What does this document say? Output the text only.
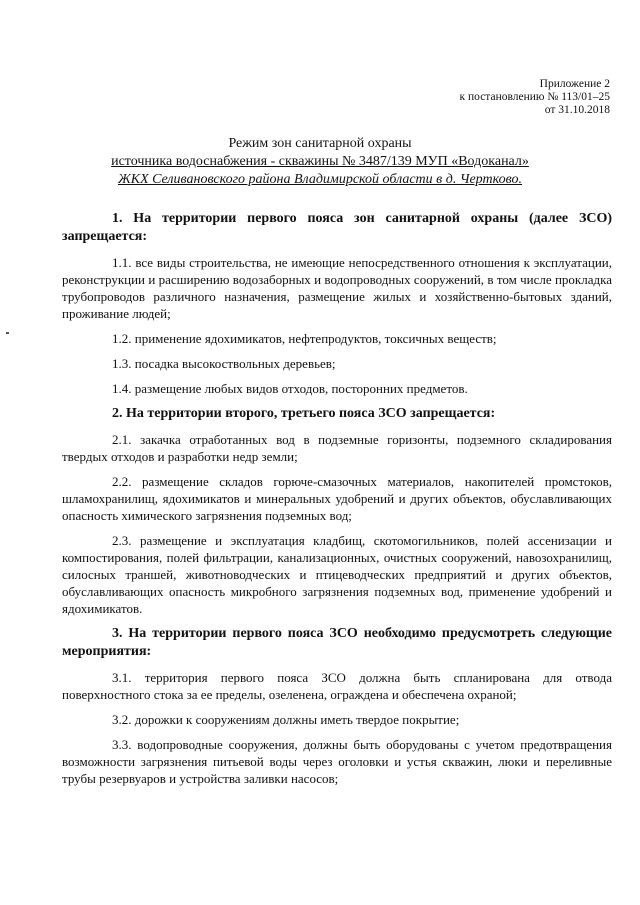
Приложение 2
к постановлению № 113/01–25
от 31.10.2018
Режим зон санитарной охраны
источника водоснабжения - скважины № 3487/139 МУП «Водоканал»
ЖКХ Селивановского района Владимирской области в д. Чертково.

1. На территории первого пояса зон санитарной охраны (далее ЗСО) запрещается:

1.1. все виды строительства, не имеющие непосредственного отношения к эксплуатации, реконструкции и расширению водозаборных и водопроводных сооружений, в том числе прокладка трубопроводов различного назначения, размещение жилых и хозяйственно-бытовых зданий, проживание людей;

1.2. применение ядохимикатов, нефтепродуктов, токсичных веществ;

1.3. посадка высокоствольных деревьев;

1.4. размещение любых видов отходов, посторонних предметов.

2. На территории второго, третьего пояса ЗСО запрещается:

2.1. закачка отработанных вод в подземные горизонты, подземного складирования твердых отходов и разработки недр земли;

2.2. размещение складов горюче-смазочных материалов, накопителей промстоков, шламохранилищ, ядохимикатов и минеральных удобрений и других объектов, обуславливающих опасность химического загрязнения подземных вод;

2.3. размещение и эксплуатация кладбищ, скотомогильников, полей ассенизации и компостирования, полей фильтрации, канализационных, очистных сооружений, навозохранилищ, силосных траншей, животноводческих и птицеводческих предприятий и других объектов, обуславливающих опасность микробного загрязнения подземных вод, применение удобрений и ядохимикатов.

3. На территории первого пояса ЗСО необходимо предусмотреть следующие мероприятия:

3.1. территория первого пояса ЗСО должна быть спланирована для отвода поверхностного стока за ее пределы, озеленена, ограждена и обеспечена охраной;

3.2. дорожки к сооружениям должны иметь твердое покрытие;

3.3. водопроводные сооружения, должны быть оборудованы с учетом предотвращения возможности загрязнения питьевой воды через оголовки и устья скважин, люки и переливные трубы резервуаров и устройства заливки насосов;
